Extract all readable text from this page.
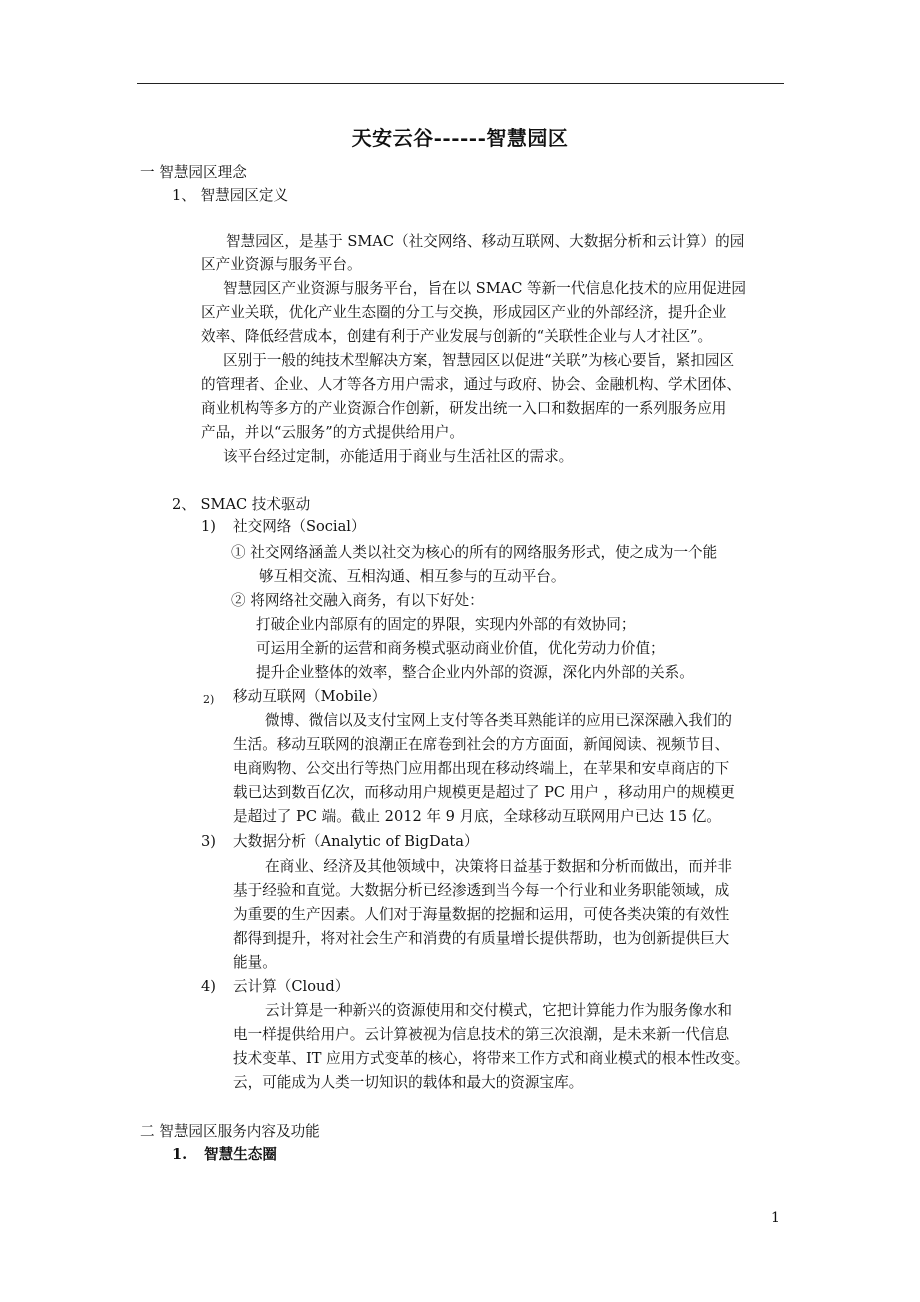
天安云谷------智慧园区
一 智慧园区理念
1、 智慧园区定义
智慧园区，是基于 SMAC（社交网络、移动互联网、大数据分析和云计算）的园
区产业资源与服务平台。
智慧园区产业资源与服务平台，旨在以 SMAC 等新一代信息化技术的应用促进园
区产业关联，优化产业生态圈的分工与交换，形成园区产业的外部经济，提升企业
效率、降低经营成本，创建有利于产业发展与创新的“关联性企业与人才社区”。
区别于一般的纯技术型解决方案，智慧园区以促进“关联”为核心要旨，紧扣园区
的管理者、企业、人才等各方用户需求，通过与政府、协会、金融机构、学术团体、
商业机构等多方的产业资源合作创新，研发出统一入口和数据库的一系列服务应用
产品，并以“云服务”的方式提供给用户。
该平台经过定制，亦能适用于商业与生活社区的需求。
2、 SMAC 技术驱动
1) 社交网络（Social）
① 社交网络涵盖人类以社交为核心的所有的网络服务形式，使之成为一个能
够互相交流、互相沟通、相互参与的互动平台。
② 将网络社交融入商务，有以下好处：
打破企业内部原有的固定的界限，实现内外部的有效协同；
可运用全新的运营和商务模式驱动商业价值，优化劳动力价值；
提升企业整体的效率，整合企业内外部的资源，深化内外部的关系。
2) 移动互联网（Mobile）
微博、微信以及支付宝网上支付等各类耳熟能详的应用已深深融入我们的
生活。移动互联网的浪潮正在席卷到社会的方方面面，新闻阅读、视频节目、
电商购物、公交出行等热门应用都出现在移动终端上，在苹果和安卓商店的下
载已达到数百亿次，而移动用户规模更是超过了 PC 用户 ，移动用户的规模更
是超过了 PC 端。截止 2012 年 9 月底，全球移动互联网用户已达 15 亿。
3) 大数据分析（Analytic of BigData）
在商业、经济及其他领域中，决策将日益基于数据和分析而做出，而并非
基于经验和直觉。大数据分析已经渗透到当今每一个行业和业务职能领域，成
为重要的生产因素。人们对于海量数据的挖掘和运用，可使各类决策的有效性
都得到提升，将对社会生产和消费的有质量增长提供帮助，也为创新提供巨大
能量。
4) 云计算（Cloud）
云计算是一种新兴的资源使用和交付模式，它把计算能力作为服务像水和
电一样提供给用户。云计算被视为信息技术的第三次浪潮，是未来新一代信息
技术变革、IT 应用方式变革的核心，将带来工作方式和商业模式的根本性改变。
云，可能成为人类一切知识的载体和最大的资源宝库。
二 智慧园区服务内容及功能
1. 智慧生态圈
1
